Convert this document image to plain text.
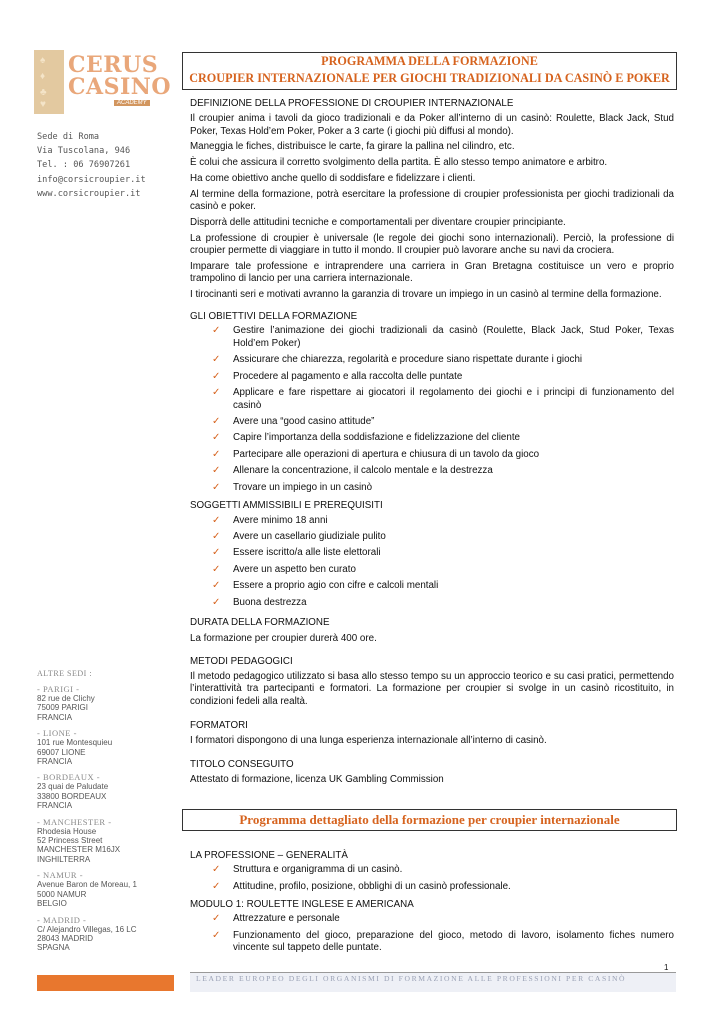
♠
♦
♣
♥
CERUS
CASINO
ACADEMY
Sede di Roma
Via Tuscolana, 946
Tel. : 06 76907261
info@corsicroupier.it
www.corsicroupier.it
ALTRE SEDI :
- PARIGI -
82 rue de Clichy
75009 PARIGI
FRANCIA
- LIONE -
101 rue Montesquieu
69007 LIONE
FRANCIA
- BORDEAUX -
23 quai de Paludate
33800 BORDEAUX
FRANCIA
- MANCHESTER -
Rhodesia House
52 Princess Street
MANCHESTER M16JX
INGHILTERRA
- NAMUR -
Avenue Baron de Moreau, 1
5000 NAMUR
BELGIO
- MADRID -
C/ Alejandro Villegas, 16 LC
28043 MADRID
SPAGNA
PROGRAMMA DELLA FORMAZIONE
CROUPIER INTERNAZIONALE PER GIOCHI TRADIZIONALI DA CASINÒ E POKER
DEFINIZIONE DELLA PROFESSIONE DI CROUPIER INTERNAZIONALE

Il croupier anima i tavoli da gioco tradizionali e da Poker all’interno di un casinò: Roulette, Black Jack, Stud Poker, Texas Hold’em Poker, Poker a 3 carte (i giochi più diffusi al mondo).

Maneggia le fiches, distribuisce le carte, fa girare la pallina nel cilindro, etc.

È colui che assicura il corretto svolgimento della partita. È allo stesso tempo animatore e arbitro.

Ha come obiettivo anche quello di soddisfare e fidelizzare i clienti.

Al termine della formazione, potrà esercitare la professione di croupier professionista per giochi tradizionali da casinò e poker.

Disporrà delle attitudini tecniche e comportamentali per diventare croupier principiante.

La professione di croupier è universale (le regole dei giochi sono internazionali). Perciò, la professione di croupier permette di viaggiare in tutto il mondo. Il croupier può lavorare anche su navi da crociera.

Imparare tale professione e intraprendere una carriera in Gran Bretagna costituisce un vero e proprio trampolino di lancio per una carriera internazionale.

I tirocinanti seri e motivati avranno la garanzia di trovare un impiego in un casinò al termine della formazione.

GLI OBIETTIVI DELLA FORMAZIONE
✓ Gestire l’animazione dei giochi tradizionali da casinò (Roulette, Black Jack, Stud Poker, Texas Hold’em Poker)
✓ Assicurare che chiarezza, regolarità e procedure siano rispettate durante i giochi
✓ Procedere al pagamento e alla raccolta delle puntate
✓ Applicare e fare rispettare ai giocatori il regolamento dei giochi e i principi di funzionamento del casinò
✓ Avere una “good casino attitude”
✓ Capire l’importanza della soddisfazione e fidelizzazione del cliente
✓ Partecipare alle operazioni di apertura e chiusura di un tavolo da gioco
✓ Allenare la concentrazione, il calcolo mentale e la destrezza
✓ Trovare un impiego in un casinò
SOGGETTI AMMISSIBILI E PREREQUISITI
✓ Avere minimo 18 anni
✓ Avere un casellario giudiziale pulito
✓ Essere iscritto/a alle liste elettorali
✓ Avere un aspetto ben curato
✓ Essere a proprio agio con cifre e calcoli mentali
✓ Buona destrezza
DURATA DELLA FORMAZIONE

La formazione per croupier durerà 400 ore.

METODI PEDAGOGICI

Il metodo pedagogico utilizzato si basa allo stesso tempo su un approccio teorico e su casi pratici, permettendo l’interattività tra partecipanti e formatori. La formazione per croupier si svolge in un casinò ricostituito, in condizioni fedeli alla realtà.

FORMATORI

I formatori dispongono di una lunga esperienza internazionale all’interno di casinò.

TITOLO CONSEGUITO

Attestato di formazione, licenza UK Gambling Commission

Programma dettagliato della formazione per croupier internazionale
LA PROFESSIONE – GENERALITÀ
✓ Struttura e organigramma di un casinò.
✓ Attitudine, profilo, posizione, obblighi di un casinò professionale.
MODULO 1: ROULETTE INGLESE E AMERICANA
✓ Attrezzature e personale
✓ Funzionamento del gioco, preparazione del gioco, metodo di lavoro, isolamento fiches numero vincente sul tappeto delle puntate.
1
LEADER EUROPEO DEGLI ORGANISMI DI FORMAZIONE ALLE PROFESSIONI PER CASINÒ
